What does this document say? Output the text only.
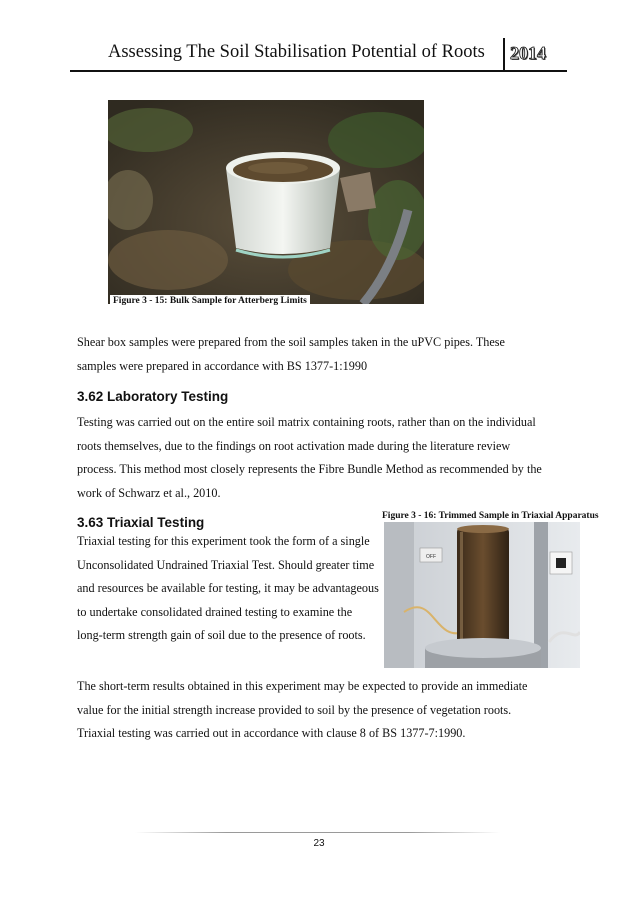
Assessing The Soil Stabilisation Potential of Roots 2014
Figure 3 - 15: Bulk Sample for Atterberg Limits
Shear box samples were prepared from the soil samples taken in the uPVC pipes. These samples were prepared in accordance with BS 1377-1:1990
3.62 Laboratory Testing
Testing was carried out on the entire soil matrix containing roots, rather than on the individual roots themselves, due to the findings on root activation made during the literature review process. This method most closely represents the Fibre Bundle Method as recommended by the work of Schwarz et al., 2010.
Figure 3 - 16: Trimmed Sample in Triaxial Apparatus
3.63 Triaxial Testing
Triaxial testing for this experiment took the form of a single Unconsolidated Undrained Triaxial Test. Should greater time and resources be available for testing, it may be advantageous to undertake consolidated drained testing to examine the long-term strength gain of soil due to the presence of roots.
OFF
The short-term results obtained in this experiment may be expected to provide an immediate value for the initial strength increase provided to soil by the presence of vegetation roots. Triaxial testing was carried out in accordance with clause 8 of BS 1377-7:1990.
23
